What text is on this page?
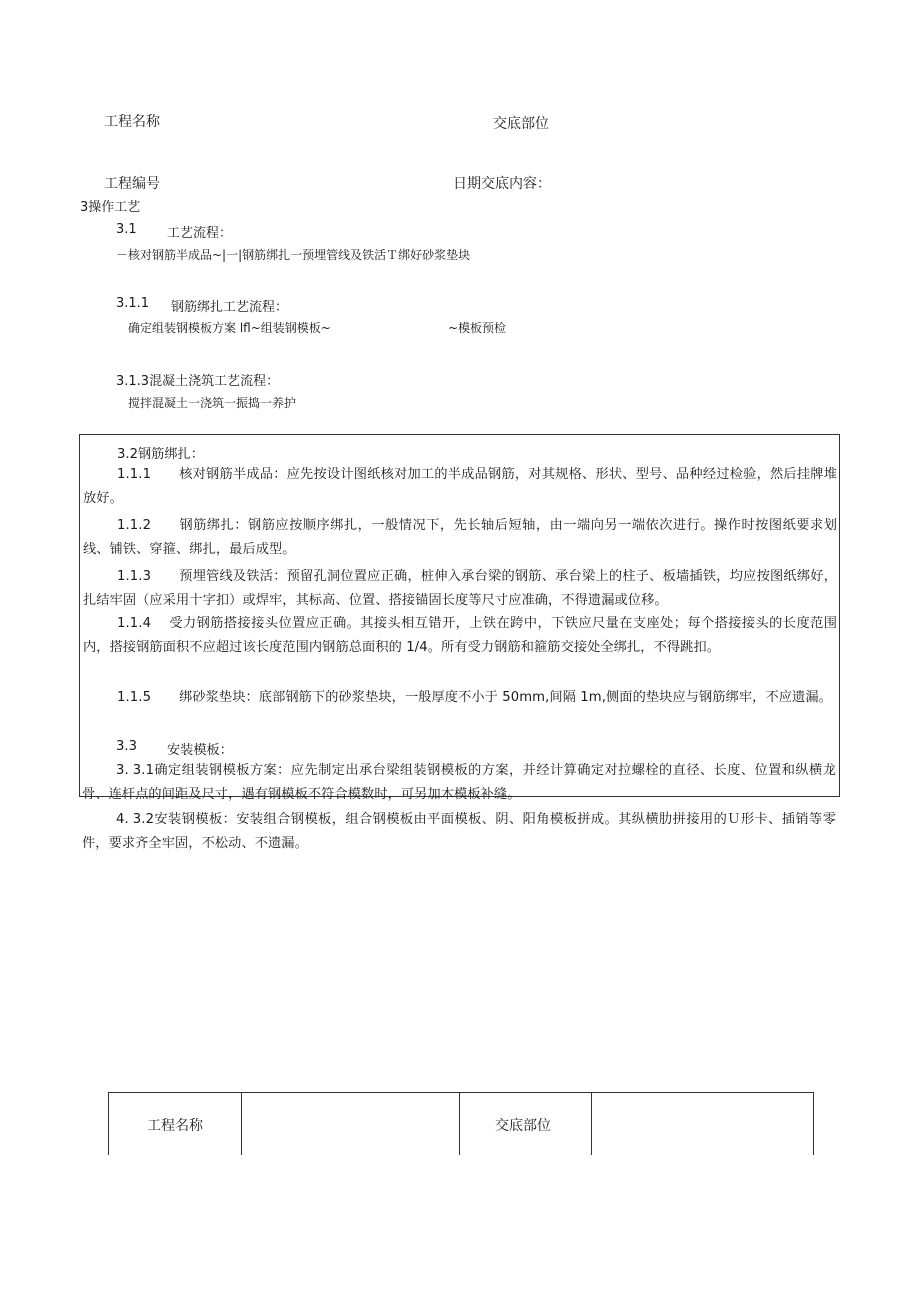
工程名称	交底部位
工程编号	日期交底内容：
3操作工艺
3.1 工艺流程：
－核对钢筋半成品~|一|钢筋绑扎一预埋管线及铁活Ｔ绑好砂浆垫块
3.1.1 钢筋绑扎工艺流程：
确定组装钢模板方案 lfl~组装钢模板~	~模板预检
3.1.3混凝土浇筑工艺流程：
搅拌混凝土一浇筑一振捣一养护
3.2钢筋绑扎：
1.1.1 核对钢筋半成品：应先按设计图纸核对加工的半成品钢筋，对其规格、形状、型号、品种经过检验，然后挂牌堆放好。
1.1.2 钢筋绑扎：钢筋应按顺序绑扎，一般情况下，先长轴后短轴，由一端向另一端依次进行。操作时按图纸要求划线、铺铁、穿箍、绑扎，最后成型。
1.1.3 预埋管线及铁活：预留孔洞位置应正确，桩伸入承台梁的钢筋、承台梁上的柱子、板墙插铁，均应按图纸绑好，扎结牢固（应采用十字扣）或焊牢，其标高、位置、搭接锚固长度等尺寸应准确，不得遗漏或位移。
1.1.4 受力钢筋搭接接头位置应正确。其接头相互错开，上铁在跨中，下铁应尺量在支座处；每个搭接接头的长度范围内，搭接钢筋面积不应超过该长度范围内钢筋总面积的 1/4。所有受力钢筋和箍筋交接处全绑扎，不得跳扣。
1.1.5 绑砂浆垫块：底部钢筋下的砂浆垫块，一般厚度不小于 50mm,间隔 1m,侧面的垫块应与钢筋绑牢，不应遗漏。
3.3 安装模板：
3. 3.1确定组装钢模板方案：应先制定出承台梁组装钢模板的方案，并经计算确定对拉螺栓的直径、长度、位置和纵横龙骨、连杆点的间距及尺寸，遇有钢模板不符合模数时，可另加木模板补缝。
4. 3.2安装钢模板：安装组合钢模板，组合钢模板由平面模板、阴、阳角模板拼成。其纵横肋拼接用的Ｕ形卡、插销等零件，要求齐全牢固，不松动、不遗漏。
工程名称	交底部位
